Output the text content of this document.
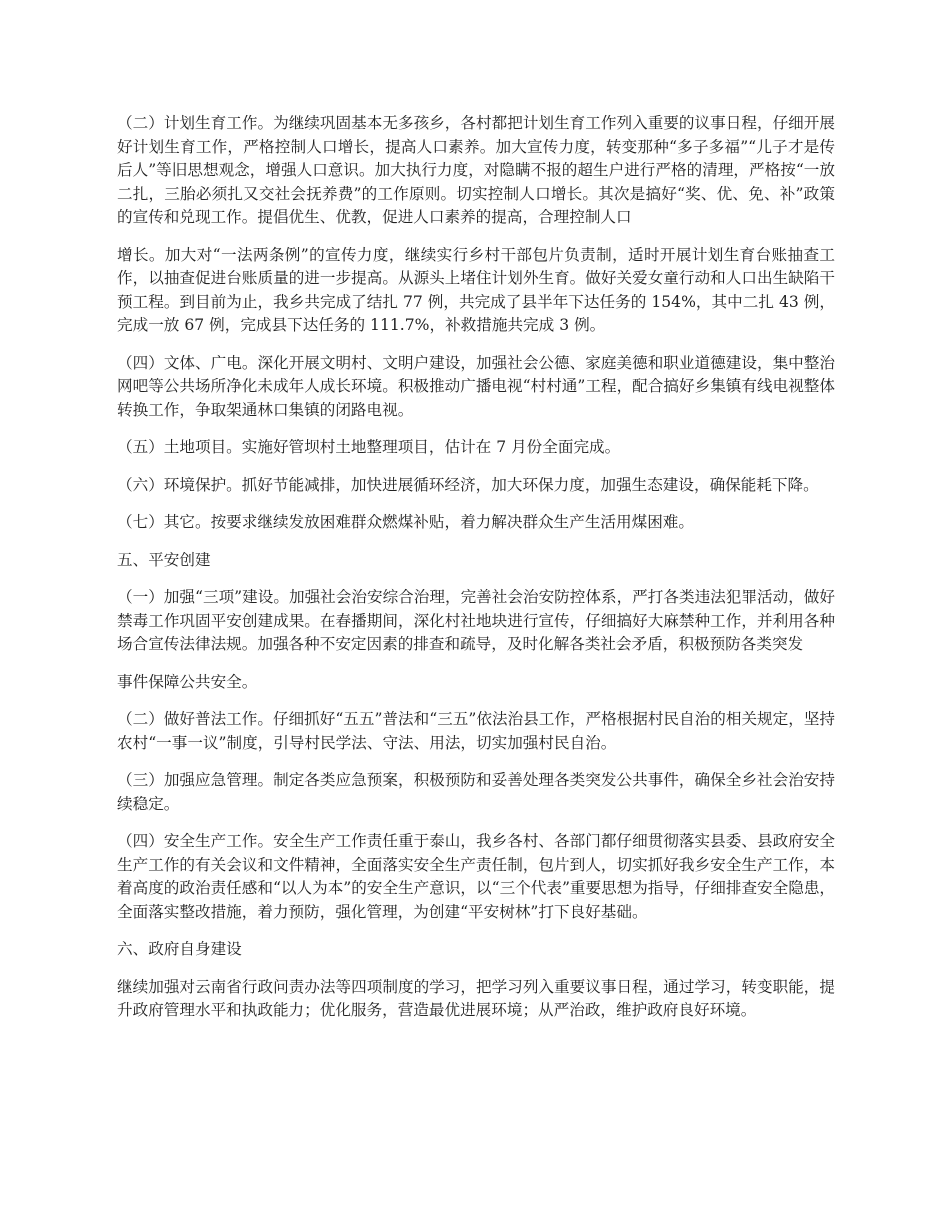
（二）计划生育工作。为继续巩固基本无多孩乡，各村都把计划生育工作列入重要的议事日程，仔细开展好计划生育工作，严格控制人口增长，提高人口素养。加大宣传力度，转变那种“多子多福”“儿子才是传后人”等旧思想观念，增强人口意识。加大执行力度，对隐瞒不报的超生户进行严格的清理，严格按“一放二扎，三胎必须扎又交社会抚养费”的工作原则。切实控制人口增长。其次是搞好“奖、优、免、补”政策的宣传和兑现工作。提倡优生、优教，促进人口素养的提高，合理控制人口

增长。加大对“一法两条例”的宣传力度，继续实行乡村干部包片负责制，适时开展计划生育台账抽查工作，以抽查促进台账质量的进一步提高。从源头上堵住计划外生育。做好关爱女童行动和人口出生缺陷干预工程。到目前为止，我乡共完成了结扎 77 例，共完成了县半年下达任务的 154%，其中二扎 43 例，完成一放 67 例，完成县下达任务的 111.7%，补救措施共完成 3 例。

（四）文体、广电。深化开展文明村、文明户建设，加强社会公德、家庭美德和职业道德建设，集中整治网吧等公共场所净化未成年人成长环境。积极推动广播电视“村村通”工程，配合搞好乡集镇有线电视整体转换工作，争取架通林口集镇的闭路电视。

（五）土地项目。实施好管坝村土地整理项目，估计在 7 月份全面完成。

（六）环境保护。抓好节能减排，加快进展循环经济，加大环保力度，加强生态建设，确保能耗下降。

（七）其它。按要求继续发放困难群众燃煤补贴，着力解决群众生产生活用煤困难。

五、平安创建

（一）加强“三项”建设。加强社会治安综合治理，完善社会治安防控体系，严打各类违法犯罪活动，做好禁毒工作巩固平安创建成果。在春播期间，深化村社地块进行宣传，仔细搞好大麻禁种工作，并利用各种场合宣传法律法规。加强各种不安定因素的排查和疏导，及时化解各类社会矛盾，积极预防各类突发

事件保障公共安全。

（二）做好普法工作。仔细抓好“五五”普法和“三五”依法治县工作，严格根据村民自治的相关规定，坚持农村“一事一议”制度，引导村民学法、守法、用法，切实加强村民自治。

（三）加强应急管理。制定各类应急预案，积极预防和妥善处理各类突发公共事件，确保全乡社会治安持续稳定。

（四）安全生产工作。安全生产工作责任重于泰山，我乡各村、各部门都仔细贯彻落实县委、县政府安全生产工作的有关会议和文件精神，全面落实安全生产责任制，包片到人，切实抓好我乡安全生产工作，本着高度的政治责任感和“以人为本”的安全生产意识，以“三个代表”重要思想为指导，仔细排查安全隐患，全面落实整改措施，着力预防，强化管理，为创建“平安树林”打下良好基础。

六、政府自身建设

继续加强对云南省行政问责办法等四项制度的学习，把学习列入重要议事日程，通过学习，转变职能，提升政府管理水平和执政能力；优化服务，营造最优进展环境；从严治政，维护政府良好环境。
